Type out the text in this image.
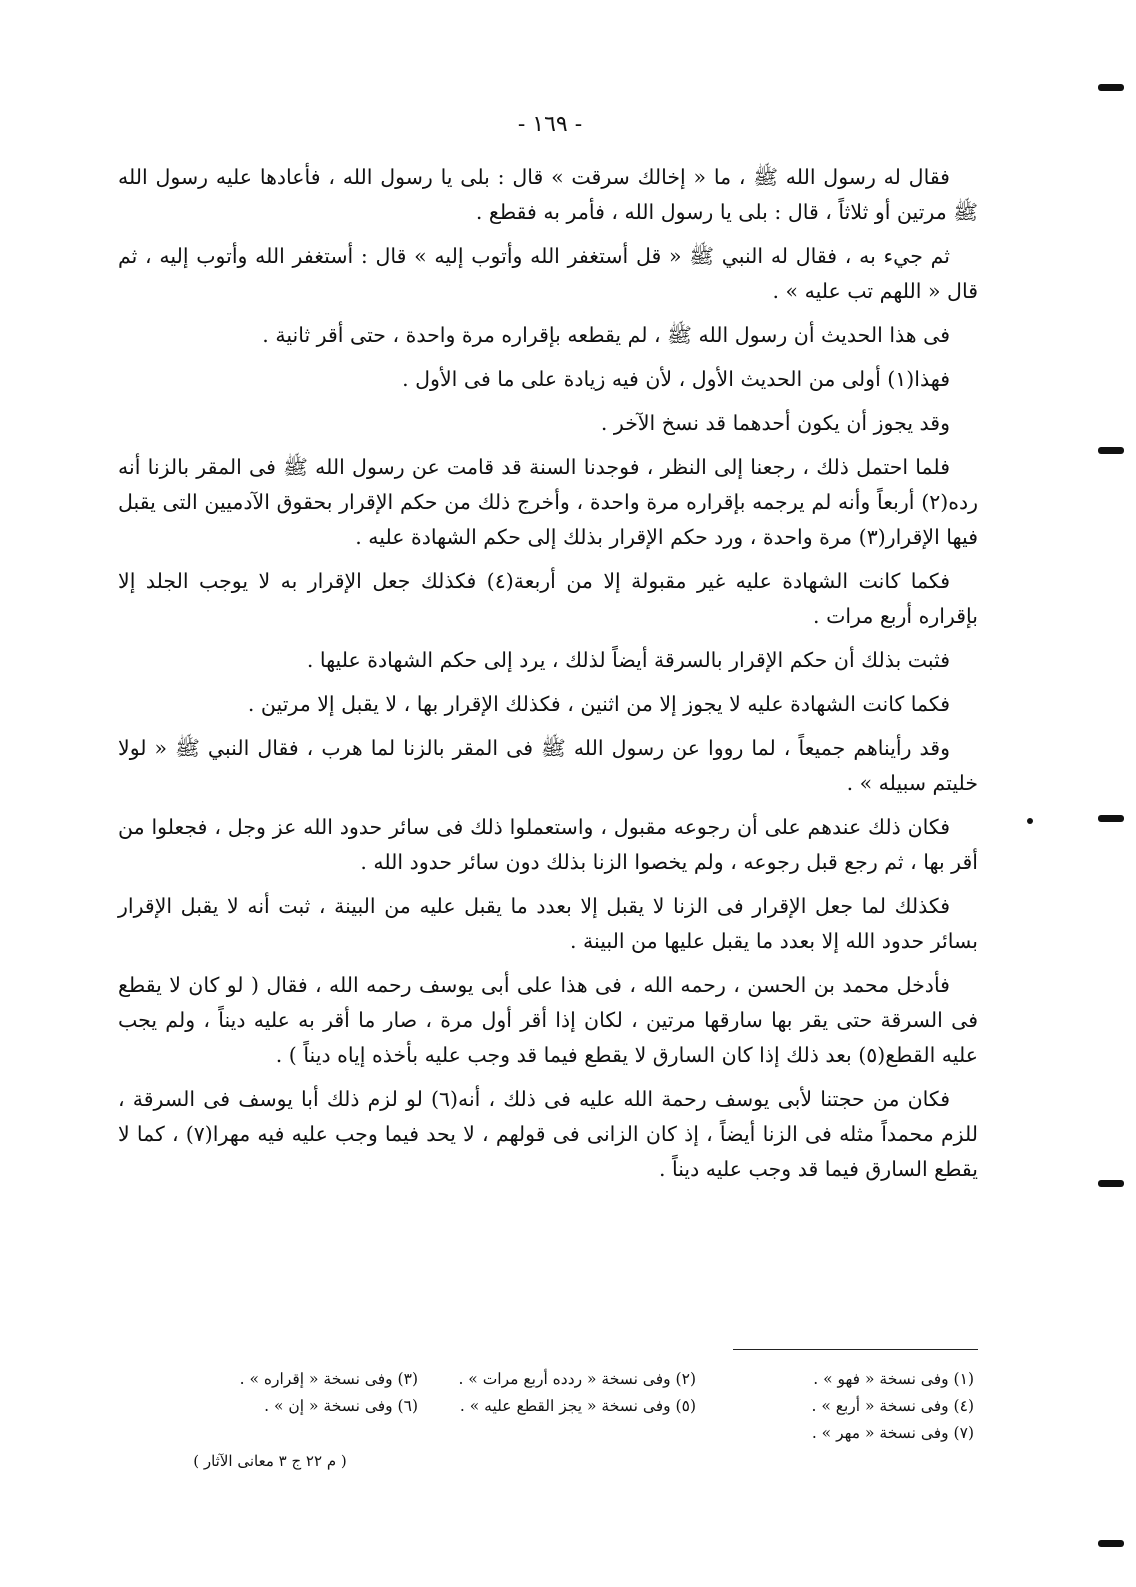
- ١٦٩ -

فقال له رسول الله ﷺ ، ما « إخالك سرقت » قال : بلى يا رسول الله ، فأعادها عليه رسول الله ﷺ مرتين أو ثلاثاً ، قال : بلى يا رسول الله ، فأمر به فقطع .

ثم جيء به ، فقال له النبي ﷺ « قل أستغفر الله وأتوب إليه » قال : أستغفر الله وأتوب إليه ، ثم قال « اللهم تب عليه » .

فى هذا الحديث أن رسول الله ﷺ ، لم يقطعه بإقراره مرة واحدة ، حتى أقر ثانية .

فهذا(١) أولى من الحديث الأول ، لأن فيه زيادة على ما فى الأول .

وقد يجوز أن يكون أحدهما قد نسخ الآخر .

فلما احتمل ذلك ، رجعنا إلى النظر ، فوجدنا السنة قد قامت عن رسول الله ﷺ فى المقر بالزنا أنه رده(٢) أربعاً وأنه لم يرجمه بإقراره مرة واحدة ، وأخرج ذلك من حكم الإقرار بحقوق الآدميين التى يقبل فيها الإقرار(٣) مرة واحدة ، ورد حكم الإقرار بذلك إلى حكم الشهادة عليه .

فكما كانت الشهادة عليه غير مقبولة إلا من أربعة(٤) فكذلك جعل الإقرار به لا يوجب الجلد إلا بإقراره أربع مرات .

فثبت بذلك أن حكم الإقرار بالسرقة أيضاً لذلك ، يرد إلى حكم الشهادة عليها .

فكما كانت الشهادة عليه لا يجوز إلا من اثنين ، فكذلك الإقرار بها ، لا يقبل إلا مرتين .

وقد رأيناهم جميعاً ، لما رووا عن رسول الله ﷺ فى المقر بالزنا لما هرب ، فقال النبي ﷺ « لولا خليتم سبيله » .

فكان ذلك عندهم على أن رجوعه مقبول ، واستعملوا ذلك فى سائر حدود الله عز وجل ، فجعلوا من أقر بها ، ثم رجع قبل رجوعه ، ولم يخصوا الزنا بذلك دون سائر حدود الله .

فكذلك لما جعل الإقرار فى الزنا لا يقبل إلا بعدد ما يقبل عليه من البينة ، ثبت أنه لا يقبل الإقرار بسائر حدود الله إلا بعدد ما يقبل عليها من البينة .

فأدخل محمد بن الحسن ، رحمه الله ، فى هذا على أبى يوسف رحمه الله ، فقال ( لو كان لا يقطع فى السرقة حتى يقر بها سارقها مرتين ، لكان إذا أقر أول مرة ، صار ما أقر به عليه ديناً ، ولم يجب عليه القطع(٥) بعد ذلك إذا كان السارق لا يقطع فيما قد وجب عليه بأخذه إياه ديناً ) .

فكان من حجتنا لأبى يوسف رحمة الله عليه فى ذلك ، أنه(٦) لو لزم ذلك أبا يوسف فى السرقة ، للزم محمداً مثله فى الزنا أيضاً ، إذ كان الزانى فى قولهم ، لا يحد فيما وجب عليه فيه مهرا(٧) ، كما لا يقطع السارق فيما قد وجب عليه ديناً .

(١) وفى نسخة « فهو » .
(٢) وفى نسخة « ردده أربع مرات » .
(٣) وفى نسخة « إقراره » .
(٤) وفى نسخة « أربع » .
(٥) وفى نسخة « يجز القطع عليه » .
(٦) وفى نسخة « إن » .
(٧) وفى نسخة « مهر » .
( م ٢٢ ج ٣ معانى الآثار )
